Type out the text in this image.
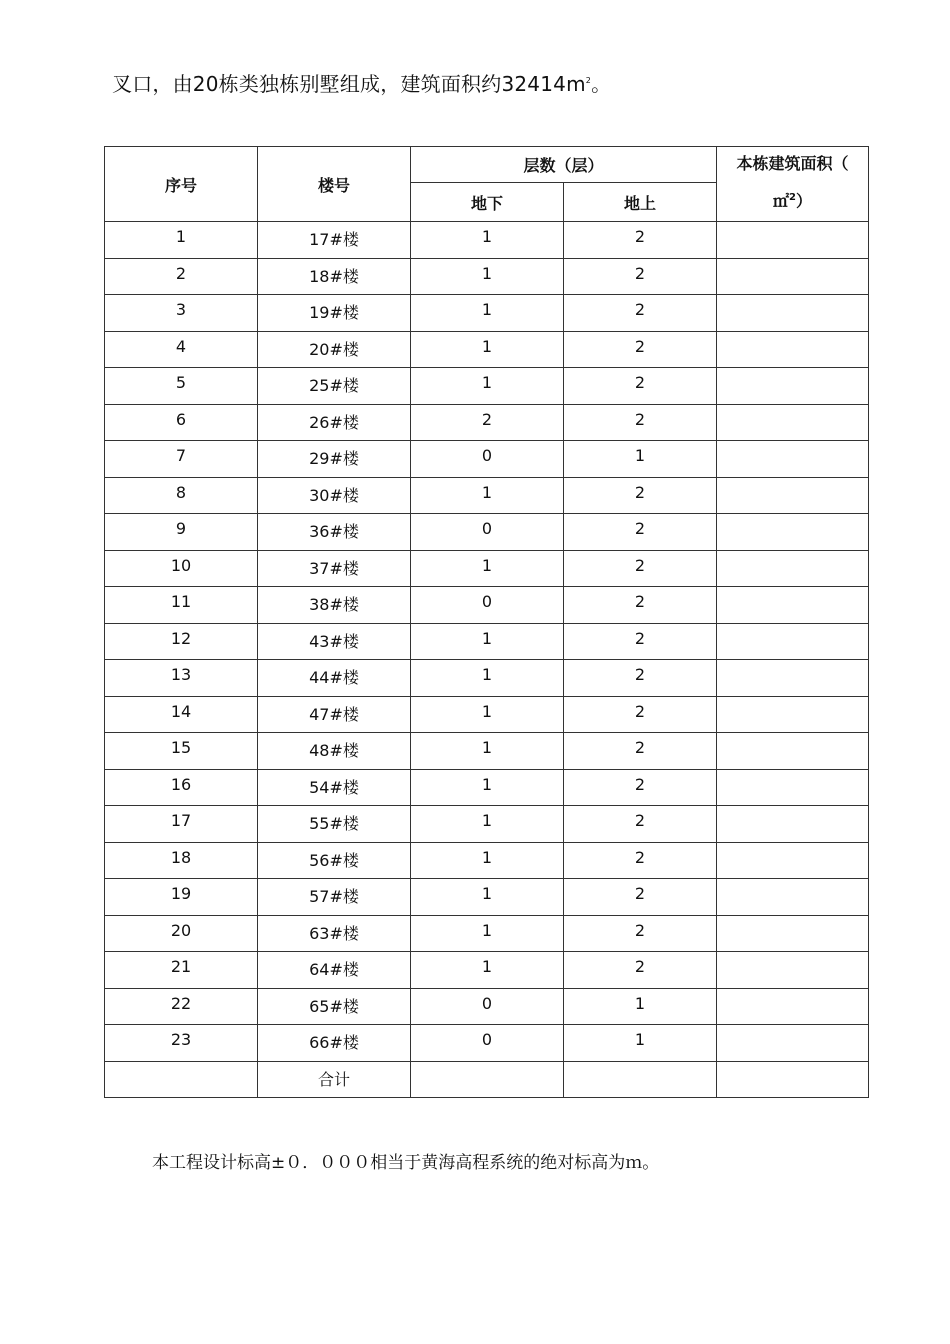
叉口，由20栋类独栋别墅组成，建筑面积约$32414m^2$。
序号	楼号	层数（层）		本栋建筑面积（
㎡$^2$）
		地下	地上	
1	17#楼	1	2	
2	18#楼	1	2	
3	19#楼	1	2	
4	20#楼	1	2	
5	25#楼	1	2	
6	26#楼	2	2	
7	29#楼	0	1	
8	30#楼	1	2	
9	36#楼	0	2	
10	37#楼	1	2	
11	38#楼	0	2	
12	43#楼	1	2	
13	44#楼	1	2	
14	47#楼	1	2	
15	48#楼	1	2	
16	54#楼	1	2	
17	55#楼	1	2	
18	56#楼	1	2	
19	57#楼	1	2	
20	63#楼	1	2	
21	64#楼	1	2	
22	65#楼	0	1	
23	66#楼	0	1	
	合计			
本工程设计标高±０．０００相当于黄海高程系统的绝对标高为ｍ。
